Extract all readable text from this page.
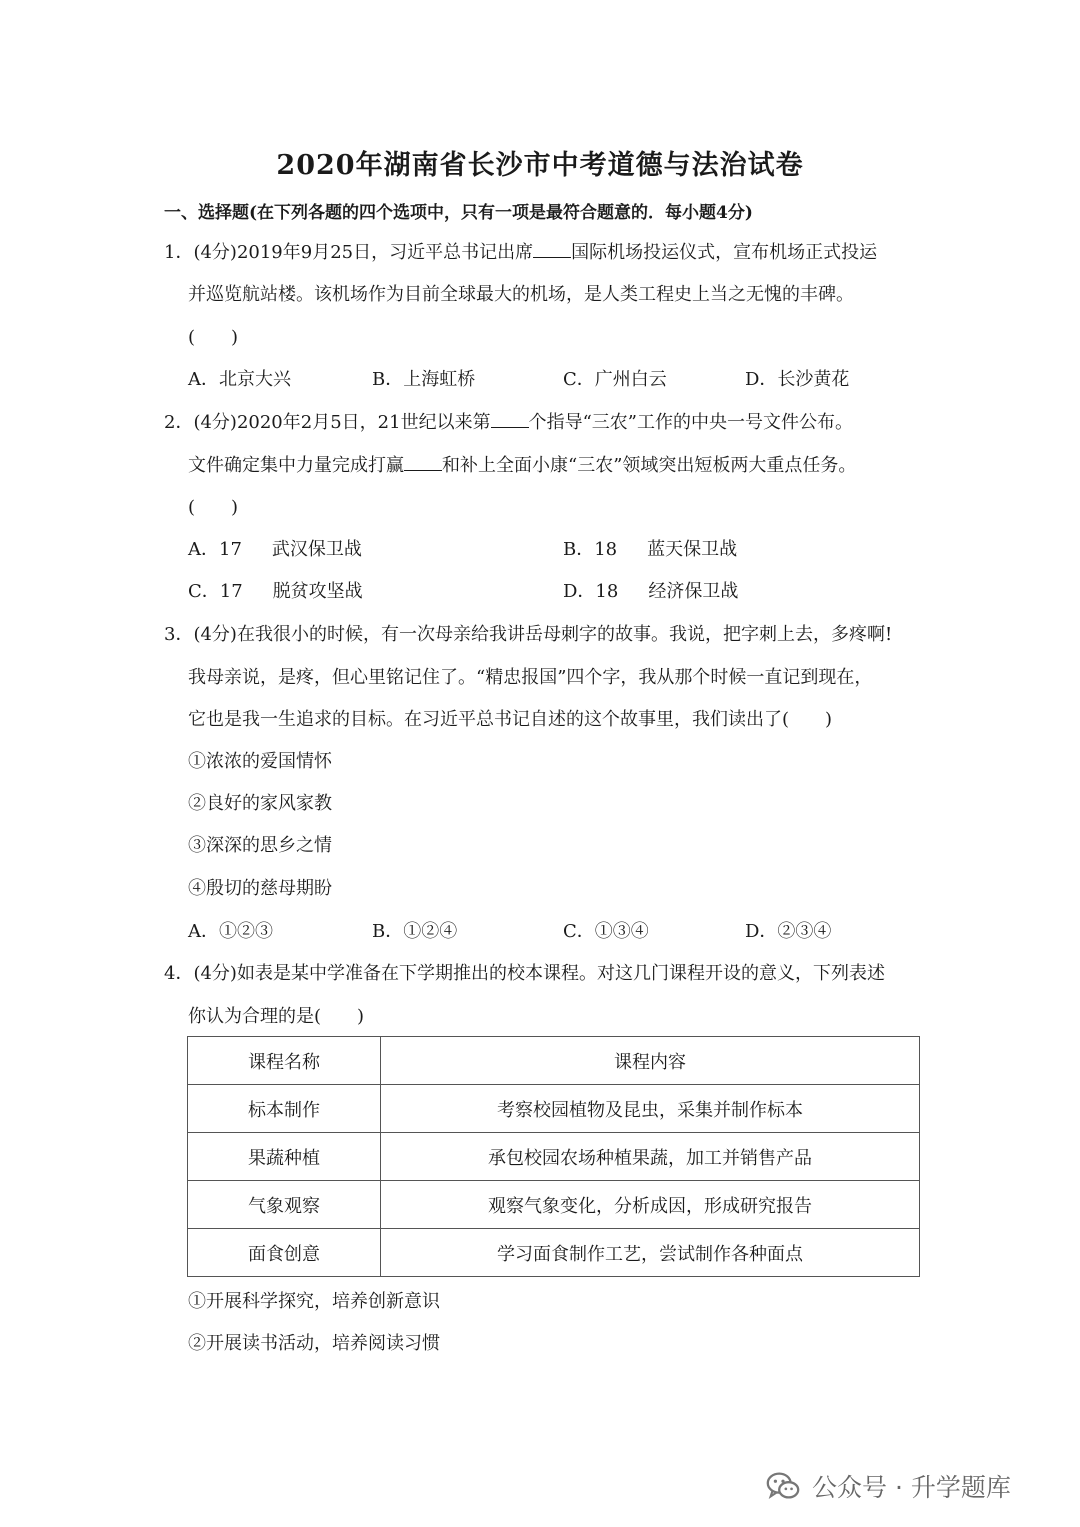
2020年湖南省长沙市中考道德与法治试卷
一、选择题(在下列各题的四个选项中，只有一项是最符合题意的．每小题4分)
1．(4分)2019年9月25日，习近平总书记出席 国际机场投运仪式，宣布机场正式投运
并巡览航站楼。该机场作为目前全球最大的机场，是人类工程史上当之无愧的丰碑。
(　　)
A．北京大兴	B．上海虹桥	C．广州白云	D．长沙黄花
2．(4分)2020年2月5日，21世纪以来第 个指导“三农”工作的中央一号文件公布。
文件确定集中力量完成打赢 和补上全面小康“三农”领域突出短板两大重点任务。
(　　)
A．17 武汉保卫战	B．18 蓝天保卫战
C．17 脱贫攻坚战	D．18 经济保卫战
3．(4分)在我很小的时候，有一次母亲给我讲岳母刺字的故事。我说，把字刺上去，多疼啊!
我母亲说，是疼，但心里铭记住了。“精忠报国”四个字，我从那个时候一直记到现在，
它也是我一生追求的目标。在习近平总书记自述的这个故事里，我们读出了(　　)
①浓浓的爱国情怀
②良好的家风家教
③深深的思乡之情
④殷切的慈母期盼
A．①②③	B．①②④	C．①③④	D．②③④
4．(4分)如表是某中学准备在下学期推出的校本课程。对这几门课程开设的意义，下列表述
你认为合理的是(　　)
课程名称	课程内容
标本制作	考察校园植物及昆虫，采集并制作标本
果蔬种植	承包校园农场种植果蔬，加工并销售产品
气象观察	观察气象变化，分析成因，形成研究报告
面食创意	学习面食制作工艺，尝试制作各种面点
①开展科学探究，培养创新意识
②开展读书活动，培养阅读习惯
公众号 · 升学题库
